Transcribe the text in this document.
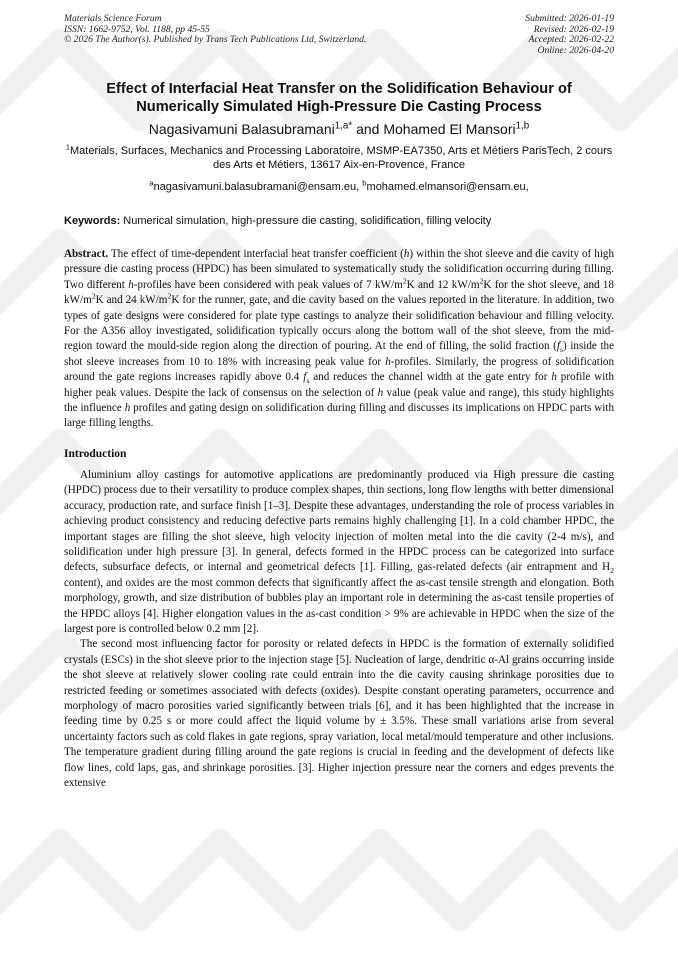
Materials Science Forum
ISSN: 1662-9752, Vol. 1188, pp 45-55
© 2026 The Author(s). Published by Trans Tech Publications Ltd, Switzerland.
Submitted: 2026-01-19
Revised: 2026-02-19
Accepted: 2026-02-22
Online: 2026-04-20
Effect of Interfacial Heat Transfer on the Solidification Behaviour of Numerically Simulated High-Pressure Die Casting Process
Nagasivamuni Balasubramani$^{1,a*}$ and Mohamed El Mansori$^{1,b}$
$^1$Materials, Surfaces, Mechanics and Processing Laboratoire, MSMP-EA7350, Arts et Métiers ParisTech, 2 cours des Arts et Métiers, 13617 Aix-en-Provence, France
$^a$nagasivamuni.balasubramani@ensam.eu, $^b$mohamed.elmansori@ensam.eu,
Keywords: Numerical simulation, high-pressure die casting, solidification, filling velocity
Abstract. The effect of time-dependent interfacial heat transfer coefficient (h) within the shot sleeve and die cavity of high pressure die casting process (HPDC) has been simulated to systematically study the solidification occurring during filling. Two different h-profiles have been considered with peak values of 7 $kW/m^2K$ and 12 $kW/m^2K$ for the shot sleeve, and 18 $kW/m^2K$ and 24 $kW/m^2K$ for the runner, gate, and die cavity based on the values reported in the literature. In addition, two types of gate designs were considered for plate type castings to analyze their solidification behaviour and filling velocity. For the A356 alloy investigated, solidification typically occurs along the bottom wall of the shot sleeve, from the mid-region toward the mould-side region along the direction of pouring. At the end of filling, the solid fraction $(f_s)$ inside the shot sleeve increases from 10 to 18% with increasing peak value for h-profiles. Similarly, the progress of solidification around the gate regions increases rapidly above 0.4 $f_s$ and reduces the channel width at the gate entry for h profile with higher peak values. Despite the lack of consensus on the selection of h value (peak value and range), this study highlights the influence h profiles and gating design on solidification during filling and discusses its implications on HPDC parts with large filling lengths.
Introduction
Aluminium alloy castings for automotive applications are predominantly produced via High pressure die casting (HPDC) process due to their versatility to produce complex shapes, thin sections, long flow lengths with better dimensional accuracy, production rate, and surface finish [1–3]. Despite these advantages, understanding the role of process variables in achieving product consistency and reducing defective parts remains highly challenging [1]. In a cold chamber HPDC, the important stages are filling the shot sleeve, high velocity injection of molten metal into the die cavity (2-4 m/s), and solidification under high pressure [3]. In general, defects formed in the HPDC process can be categorized into surface defects, subsurface defects, or internal and geometrical defects [1]. Filling, gas-related defects (air entrapment and $H_2$ content), and oxides are the most common defects that significantly affect the as-cast tensile strength and elongation. Both morphology, growth, and size distribution of bubbles play an important role in determining the as-cast tensile properties of the HPDC alloys [4]. Higher elongation values in the as-cast condition > 9% are achievable in HPDC when the size of the largest pore is controlled below 0.2 mm [2].
The second most influencing factor for porosity or related defects in HPDC is the formation of externally solidified crystals (ESCs) in the shot sleeve prior to the injection stage [5]. Nucleation of large, dendritic α-Al grains occurring inside the shot sleeve at relatively slower cooling rate could entrain into the die cavity causing shrinkage porosities due to restricted feeding or sometimes associated with defects (oxides). Despite constant operating parameters, occurrence and morphology of macro porosities varied significantly between trials [6], and it has been highlighted that the increase in feeding time by 0.25 s or more could affect the liquid volume by ± 3.5%. These small variations arise from several uncertainty factors such as cold flakes in gate regions, spray variation, local metal/mould temperature and other inclusions. The temperature gradient during filling around the gate regions is crucial in feeding and the development of defects like flow lines, cold laps, gas, and shrinkage porosities. [3]. Higher injection pressure near the corners and edges prevents the extensive
